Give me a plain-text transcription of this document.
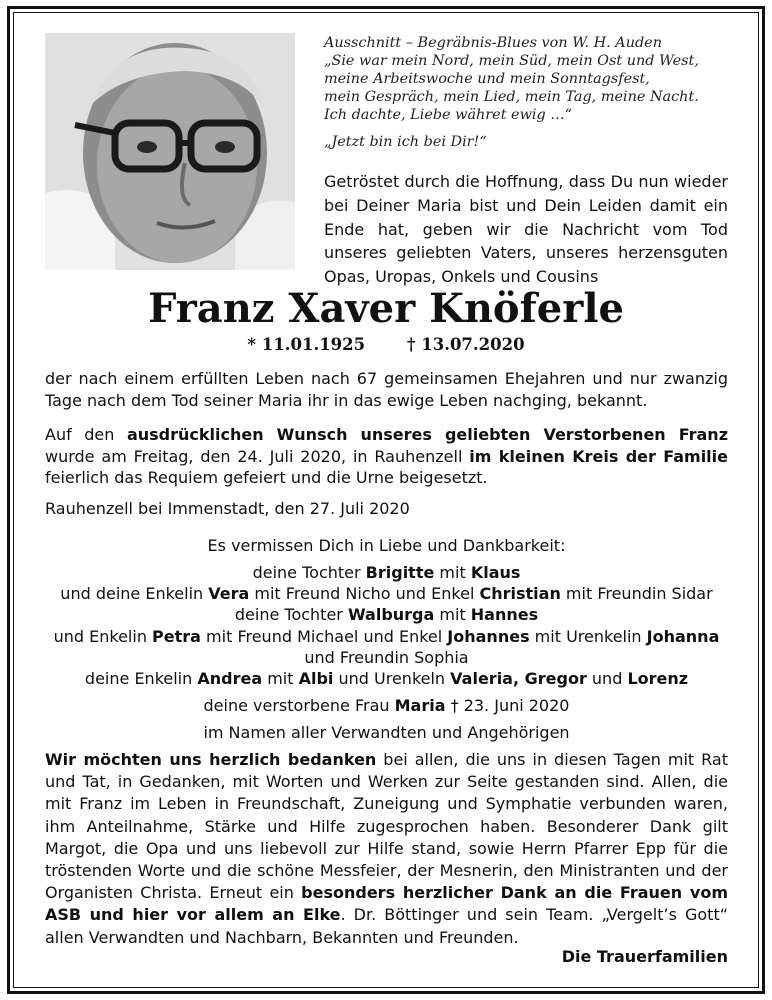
Ausschnitt – Begräbnis-Blues von W. H. Auden
„Sie war mein Nord, mein Süd, mein Ost und West,
meine Arbeitswoche und mein Sonntagsfest,
mein Gespräch, mein Lied, mein Tag, meine Nacht.
Ich dachte, Liebe währet ewig …“
„Jetzt bin ich bei Dir!“
Getröstet durch die Hoffnung, dass Du nun wieder bei Deiner Maria bist und Dein Leiden damit ein Ende hat, geben wir die Nachricht vom Tod unseres geliebten Vaters, unseres herzensguten Opas, Uropas, Onkels und Cousins
Franz Xaver Knöferle
* 11.01.1925	† 13.07.2020
der nach einem erfüllten Leben nach 67 gemeinsamen Ehejahren und nur zwanzig Tage nach dem Tod seiner Maria ihr in das ewige Leben nachging, bekannt.
Auf den ausdrücklichen Wunsch unseres geliebten Verstorbenen Franz wurde am Freitag, den 24. Juli 2020, in Rauhenzell im kleinen Kreis der Familie feierlich das Requiem gefeiert und die Urne beigesetzt.
Rauhenzell bei Immenstadt, den 27. Juli 2020
Es vermissen Dich in Liebe und Dankbarkeit:
deine Tochter Brigitte mit Klaus
und deine Enkelin Vera mit Freund Nicho und Enkel Christian mit Freundin Sidar
deine Tochter Walburga mit Hannes
und Enkelin Petra mit Freund Michael und Enkel Johannes mit Urenkelin Johanna
und Freundin Sophia
deine Enkelin Andrea mit Albi und Urenkeln Valeria, Gregor und Lorenz
deine verstorbene Frau Maria † 23. Juni 2020
im Namen aller Verwandten und Angehörigen
Wir möchten uns herzlich bedanken bei allen, die uns in diesen Tagen mit Rat und Tat, in Gedanken, mit Worten und Werken zur Seite gestanden sind. Allen, die mit Franz im Leben in Freundschaft, Zuneigung und Symphatie verbunden waren, ihm Anteilnahme, Stärke und Hilfe zugesprochen haben. Besonderer Dank gilt Margot, die Opa und uns liebevoll zur Hilfe stand, sowie Herrn Pfarrer Epp für die tröstenden Worte und die schöne Messfeier, der Mesnerin, den Ministranten und der Organisten Christa. Erneut ein besonders herzlicher Dank an die Frauen vom ASB und hier vor allem an Elke. Dr. Böttinger und sein Team. „Vergelt’s Gott“ allen Verwandten und Nachbarn, Bekannten und Freunden.
Die Trauerfamilien
